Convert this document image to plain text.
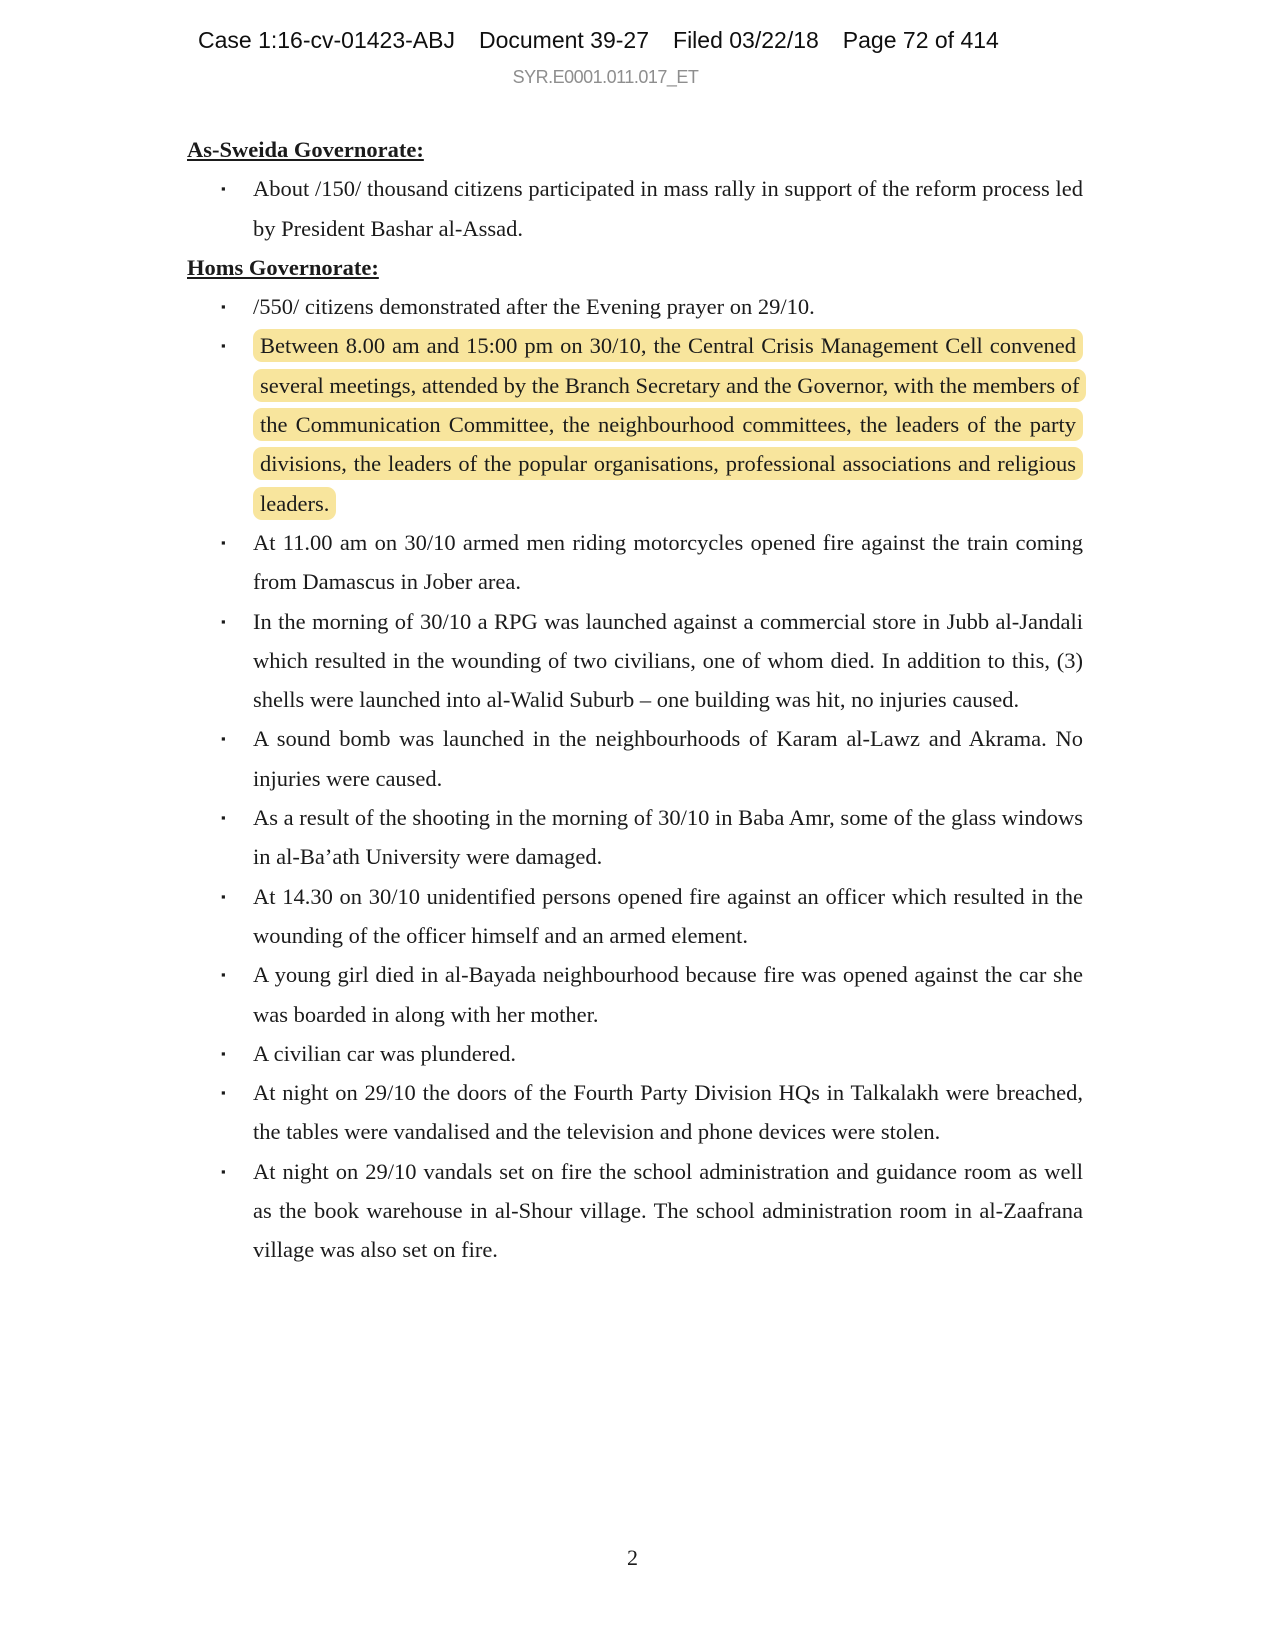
Case 1:16-cv-01423-ABJ Document 39-27 Filed 03/22/18 Page 72 of 414
SYR.E0001.011.017_ET
As-Sweida Governorate:
▪	About /150/ thousand citizens participated in mass rally in support of the reform process led by President Bashar al-Assad.
Homs Governorate:
▪	/550/ citizens demonstrated after the Evening prayer on 29/10.
▪	Between 8.00 am and 15:00 pm on 30/10, the Central Crisis Management Cell convened several meetings, attended by the Branch Secretary and the Governor, with the members of the Communication Committee, the neighbourhood committees, the leaders of the party divisions, the leaders of the popular organisations, professional associations and religious leaders.
▪	At 11.00 am on 30/10 armed men riding motorcycles opened fire against the train coming from Damascus in Jober area.
▪	In the morning of 30/10 a RPG was launched against a commercial store in Jubb al-Jandali which resulted in the wounding of two civilians, one of whom died. In addition to this, (3) shells were launched into al-Walid Suburb – one building was hit, no injuries caused.
▪	A sound bomb was launched in the neighbourhoods of Karam al-Lawz and Akrama. No injuries were caused.
▪	As a result of the shooting in the morning of 30/10 in Baba Amr, some of the glass windows in al-Ba’ath University were damaged.
▪	At 14.30 on 30/10 unidentified persons opened fire against an officer which resulted in the wounding of the officer himself and an armed element.
▪	A young girl died in al-Bayada neighbourhood because fire was opened against the car she was boarded in along with her mother.
▪	A civilian car was plundered.
▪	At night on 29/10 the doors of the Fourth Party Division HQs in Talkalakh were breached, the tables were vandalised and the television and phone devices were stolen.
▪	At night on 29/10 vandals set on fire the school administration and guidance room as well as the book warehouse in al-Shour village. The school administration room in al-Zaafrana village was also set on fire.
2
